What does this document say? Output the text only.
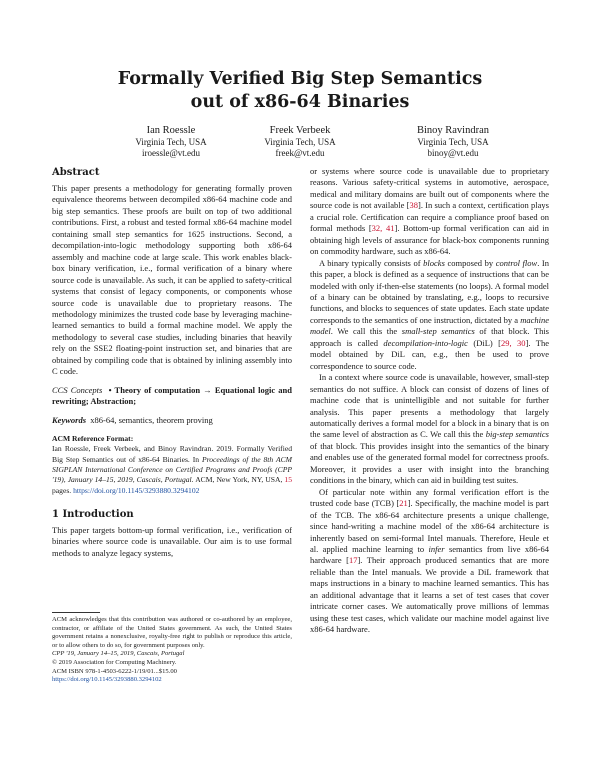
Formally Verified Big Step Semantics
out of x86-64 Binaries
Ian Roessle
Virginia Tech, USA
iroessle@vt.edu
Freek Verbeek
Virginia Tech, USA
freek@vt.edu
Binoy Ravindran
Virginia Tech, USA
binoy@vt.edu
Abstract

This paper presents a methodology for generating formally proven equivalence theorems between decompiled x86-64 machine code and big step semantics. These proofs are built on top of two additional contributions. First, a robust and tested formal x86-64 machine model containing small step semantics for 1625 instructions. Second, a decompilation-into-logic methodology supporting both x86-64 assembly and machine code at large scale. This work enables black-box binary verification, i.e., formal verification of a binary where source code is unavailable. As such, it can be applied to safety-critical systems that consist of legacy components, or components whose source code is unavailable due to proprietary reasons. The methodology minimizes the trusted code base by leveraging machine-learned semantics to build a formal machine model. We apply the methodology to several case studies, including binaries that heavily rely on the SSE2 floating-point instruction set, and binaries that are obtained by compiling code that is obtained by inlining assembly into C code.

CCS Concepts • Theory of computation → Equational logic and rewriting; Abstraction;

Keywords x86-64, semantics, theorem proving

ACM Reference Format:

Ian Roessle, Freek Verbeek, and Binoy Ravindran. 2019. Formally Verified Big Step Semantics out of x86-64 Binaries. In Proceedings of the 8th ACM SIGPLAN International Conference on Certified Programs and Proofs (CPP '19), January 14–15, 2019, Cascais, Portugal. ACM, New York, NY, USA, 15 pages. https://doi.org/10.1145/3293880.3294102

1 Introduction

This paper targets bottom-up formal verification, i.e., verification of binaries where source code is unavailable. Our aim is to use formal methods to analyze legacy systems,

ACM acknowledges that this contribution was authored or co-authored by an employee, contractor, or affiliate of the United States government. As such, the United States government retains a nonexclusive, royalty-free right to publish or reproduce this article, or to allow others to do so, for government purposes only.

CPP '19, January 14–15, 2019, Cascais, Portugal
© 2019 Association for Computing Machinery.
ACM ISBN 978-1-4503-6222-1/19/01...$15.00
https://doi.org/10.1145/3293880.3294102

or systems where source code is unavailable due to proprietary reasons. Various safety-critical systems in automotive, aerospace, medical and military domains are built out of components where the source code is not available [38]. In such a context, certification plays a crucial role. Certification can require a compliance proof based on formal methods [32, 41]. Bottom-up formal verification can aid in obtaining high levels of assurance for black-box components running on commodity hardware, such as x86-64.

A binary typically consists of blocks composed by control flow. In this paper, a block is defined as a sequence of instructions that can be modeled with only if-then-else statements (no loops). A formal model of a binary can be obtained by translating, e.g., loops to recursive functions, and blocks to sequences of state updates. Each state update corresponds to the semantics of one instruction, dictated by a machine model. We call this the small-step semantics of that block. This approach is called decompilation-into-logic (DiL) [29, 30]. The model obtained by DiL can, e.g., then be used to prove correspondence to source code.

In a context where source code is unavailable, however, small-step semantics do not suffice. A block can consist of dozens of lines of machine code that is unintelligible and not suitable for further analysis. This paper presents a methodology that largely automatically derives a formal model for a block in a binary that is on the same level of abstraction as C. We call this the big-step semantics of that block. This provides insight into the semantics of the binary and enables use of the generated formal model for correctness proofs. Moreover, it provides a user with insight into the branching conditions in the binary, which can aid in building test suites.

Of particular note within any formal verification effort is the trusted code base (TCB) [21]. Specifically, the machine model is part of the TCB. The x86-64 architecture presents a unique challenge, since hand-writing a machine model of the x86-64 architecture is inherently based on semi-formal Intel manuals. Therefore, Heule et al. applied machine learning to infer semantics from live x86-64 hardware [17]. Their approach produced semantics that are more reliable than the Intel manuals. We provide a DiL framework that maps instructions in a binary to machine learned semantics. This has an additional advantage that it learns a set of test cases that cover intricate corner cases. We automatically prove millions of lemmas using these test cases, which validate our machine model against live x86-64 hardware.
